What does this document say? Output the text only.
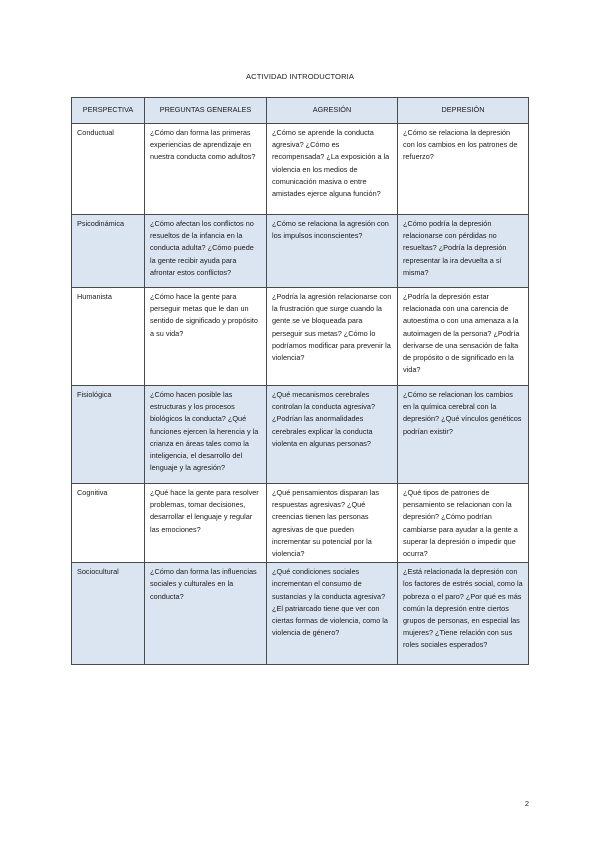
ACTIVIDAD INTRODUCTORIA
PERSPECTIVA	PREGUNTAS GENERALES	AGRESIÓN	DEPRESIÓN
Conductual	¿Cómo dan forma las primeras experiencias de aprendizaje en nuestra conducta como adultos?	¿Cómo se aprende la conducta agresiva? ¿Cómo es recompensada? ¿La exposición a la violencia en los medios de comunicación masiva o entre amistades ejerce alguna función?	¿Cómo se relaciona la depresión con los cambios en los patrones de refuerzo?
Psicodinámica	¿Cómo afectan los conflictos no resueltos de la infancia en la conducta adulta? ¿Cómo puede la gente recibir ayuda para afrontar estos conflictos?	¿Cómo se relaciona la agresión con los impulsos inconscientes?	¿Cómo podría la depresión relacionarse con pérdidas no resueltas? ¿Podría la depresión representar la ira devuelta a sí misma?
Humanista	¿Cómo hace la gente para perseguir metas que le dan un sentido de significado y propósito a su vida?	¿Podría la agresión relacionarse con la frustración que surge cuando la gente se ve bloqueada para perseguir sus metas? ¿Cómo lo podríamos modificar para prevenir la violencia?	¿Podría la depresión estar relacionada con una carencia de autoestima o con una amenaza a la autoimagen de la persona? ¿Podría derivarse de una sensación de falta de propósito o de significado en la vida?
Fisiológica	¿Cómo hacen posible las estructuras y los procesos biológicos la conducta? ¿Qué funciones ejercen la herencia y la crianza en áreas tales como la inteligencia, el desarrollo del lenguaje y la agresión?	¿Qué mecanismos cerebrales controlan la conducta agresiva? ¿Podrían las anormalidades cerebrales explicar la conducta violenta en algunas personas?	¿Cómo se relacionan los cambios en la química cerebral con la depresión? ¿Qué vínculos genéticos podrían existir?
Cognitiva	¿Qué hace la gente para resolver problemas, tomar decisiones, desarrollar el lenguaje y regular las emociones?	¿Qué pensamientos disparan las respuestas agresivas? ¿Qué creencias tienen las personas agresivas de que pueden incrementar su potencial por la violencia?	¿Qué tipos de patrones de pensamiento se relacionan con la depresión? ¿Cómo podrían cambiarse para ayudar a la gente a superar la depresión o impedir que ocurra?
Sociocultural	¿Cómo dan forma las influencias sociales y culturales en la conducta?	¿Qué condiciones sociales incrementan el consumo de sustancias y la conducta agresiva? ¿El patriarcado tiene que ver con ciertas formas de violencia, como la violencia de género?	¿Está relacionada la depresión con los factores de estrés social, como la pobreza o el paro? ¿Por qué es más común la depresión entre ciertos grupos de personas, en especial las mujeres? ¿Tiene relación con sus roles sociales esperados?
2
